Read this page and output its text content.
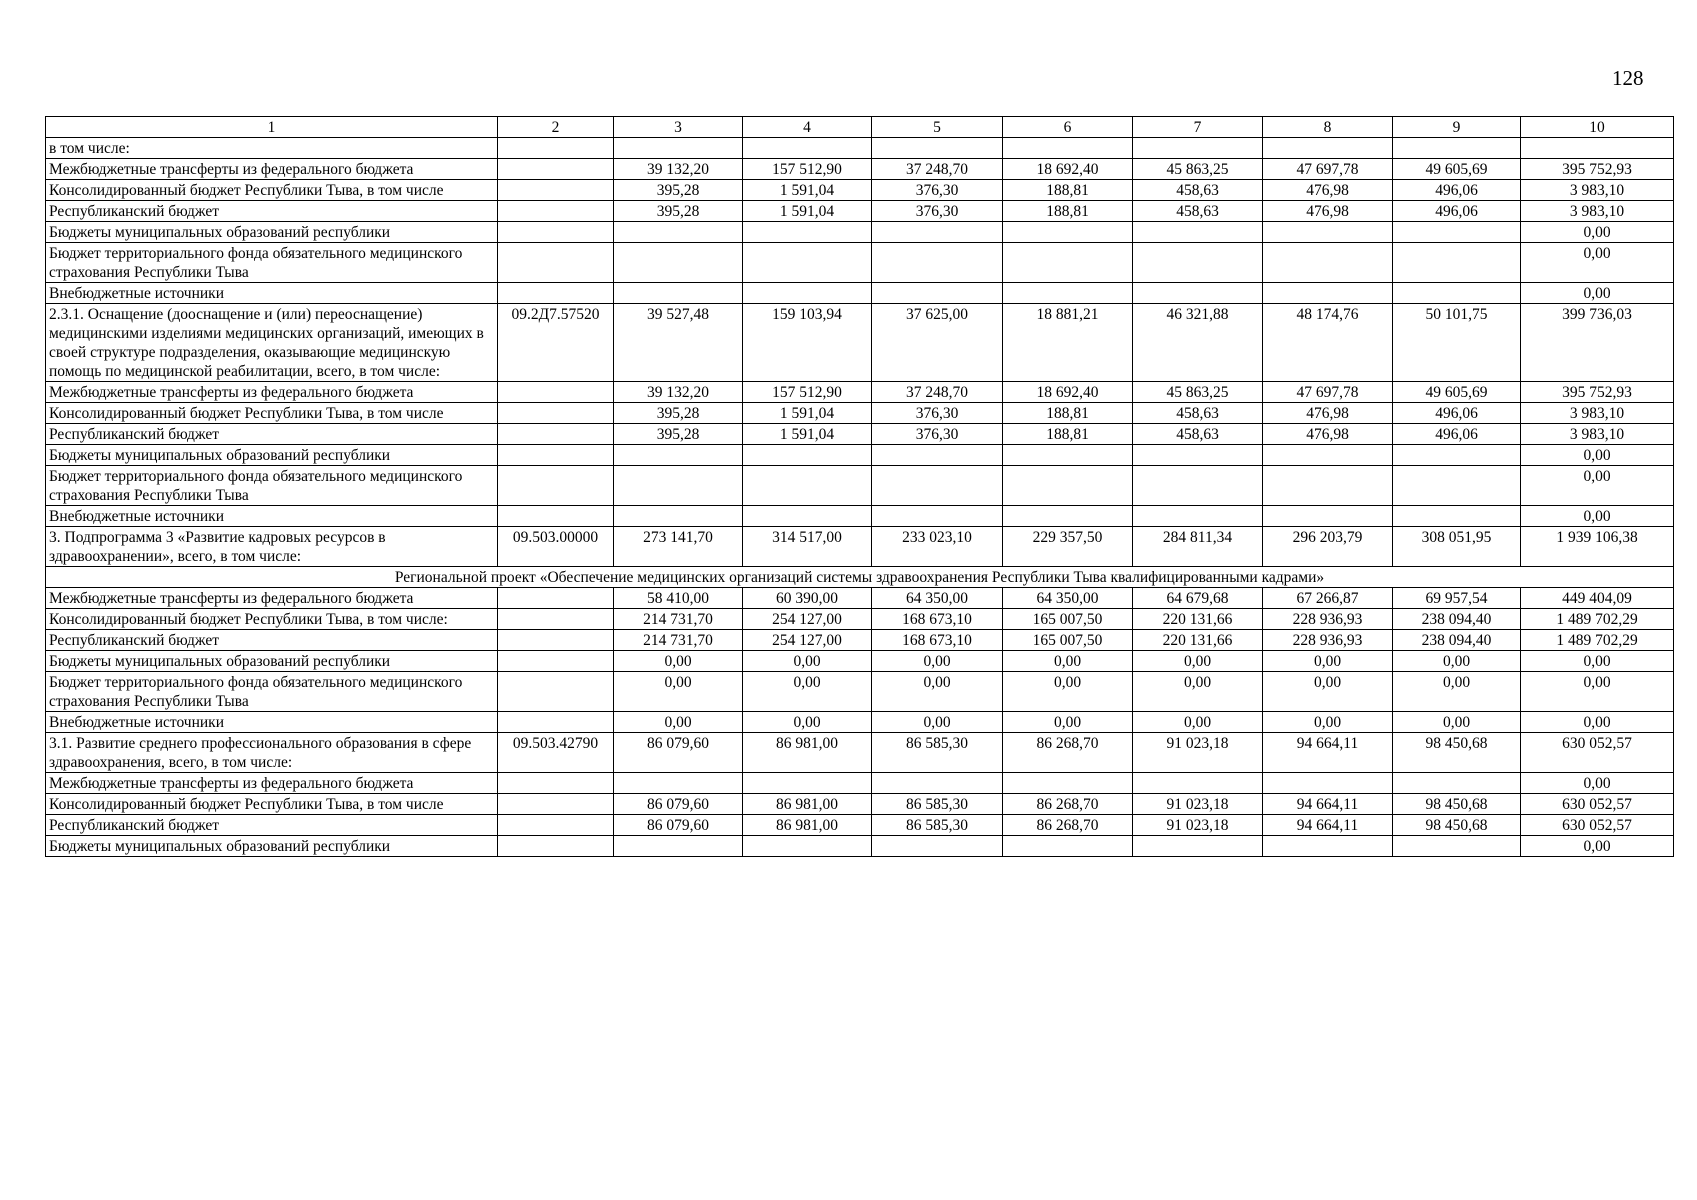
128
1	2	3	4	5	6	7	8	9	10
в том числе:									
Межбюджетные трансферты из федерального бюджета		39 132,20	157 512,90	37 248,70	18 692,40	45 863,25	47 697,78	49 605,69	395 752,93
Консолидированный бюджет Республики Тыва, в том числе		395,28	1 591,04	376,30	188,81	458,63	476,98	496,06	3 983,10
Республиканский бюджет		395,28	1 591,04	376,30	188,81	458,63	476,98	496,06	3 983,10
Бюджеты муниципальных образований республики									0,00
Бюджет территориального фонда обязательного медицинского страхования Республики Тыва									0,00
Внебюджетные источники									0,00
2.3.1. Оснащение (дооснащение и (или) переоснащение) медицинскими изделиями медицинских организаций, имеющих в своей структуре подразделения, оказывающие медицинскую помощь по медицинской реабилитации, всего, в том числе:	09.2Д7.57520	39 527,48	159 103,94	37 625,00	18 881,21	46 321,88	48 174,76	50 101,75	399 736,03
Межбюджетные трансферты из федерального бюджета		39 132,20	157 512,90	37 248,70	18 692,40	45 863,25	47 697,78	49 605,69	395 752,93
Консолидированный бюджет Республики Тыва, в том числе		395,28	1 591,04	376,30	188,81	458,63	476,98	496,06	3 983,10
Республиканский бюджет		395,28	1 591,04	376,30	188,81	458,63	476,98	496,06	3 983,10
Бюджеты муниципальных образований республики									0,00
Бюджет территориального фонда обязательного медицинского страхования Республики Тыва									0,00
Внебюджетные источники									0,00
3. Подпрограмма 3 «Развитие кадровых ресурсов в здравоохранении», всего, в том числе:	09.503.00000	273 141,70	314 517,00	233 023,10	229 357,50	284 811,34	296 203,79	308 051,95	1 939 106,38
Региональной проект «Обеспечение медицинских организаций системы здравоохранения Республики Тыва квалифицированными кадрами»									
Межбюджетные трансферты из федерального бюджета		58 410,00	60 390,00	64 350,00	64 350,00	64 679,68	67 266,87	69 957,54	449 404,09
Консолидированный бюджет Республики Тыва, в том числе:		214 731,70	254 127,00	168 673,10	165 007,50	220 131,66	228 936,93	238 094,40	1 489 702,29
Республиканский бюджет		214 731,70	254 127,00	168 673,10	165 007,50	220 131,66	228 936,93	238 094,40	1 489 702,29
Бюджеты муниципальных образований республики		0,00	0,00	0,00	0,00	0,00	0,00	0,00	0,00
Бюджет территориального фонда обязательного медицинского страхования Республики Тыва		0,00	0,00	0,00	0,00	0,00	0,00	0,00	0,00
Внебюджетные источники		0,00	0,00	0,00	0,00	0,00	0,00	0,00	0,00
3.1. Развитие среднего профессионального образования в сфере здравоохранения, всего, в том числе:	09.503.42790	86 079,60	86 981,00	86 585,30	86 268,70	91 023,18	94 664,11	98 450,68	630 052,57
Межбюджетные трансферты из федерального бюджета									0,00
Консолидированный бюджет Республики Тыва, в том числе		86 079,60	86 981,00	86 585,30	86 268,70	91 023,18	94 664,11	98 450,68	630 052,57
Республиканский бюджет		86 079,60	86 981,00	86 585,30	86 268,70	91 023,18	94 664,11	98 450,68	630 052,57
Бюджеты муниципальных образований республики									0,00
